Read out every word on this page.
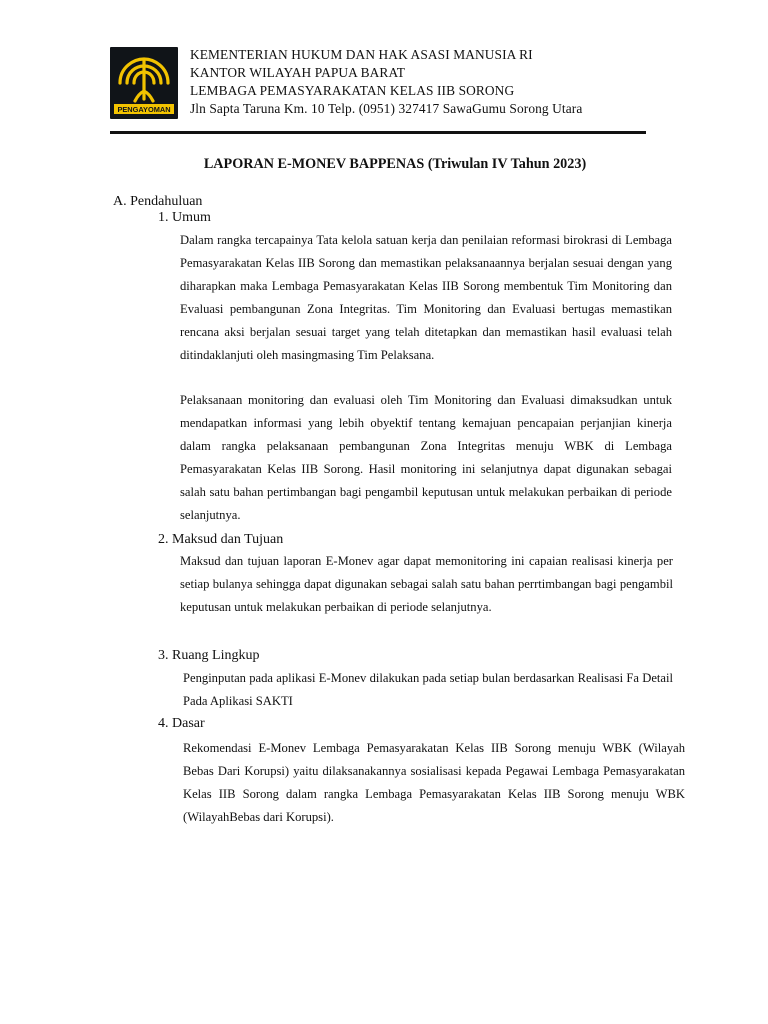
PENGAYOMAN
KEMENTERIAN HUKUM DAN HAK ASASI MANUSIA RI
KANTOR WILAYAH PAPUA BARAT
LEMBAGA PEMASYARAKATAN KELAS IIB SORONG
Jln Sapta Taruna Km. 10 Telp. (0951) 327417 SawaGumu Sorong Utara
LAPORAN E-MONEV BAPPENAS (Triwulan IV Tahun 2023)
A. Pendahuluan
1. Umum
Dalam rangka tercapainya Tata kelola satuan kerja dan penilaian reformasi birokrasi di Lembaga Pemasyarakatan Kelas IIB Sorong dan memastikan pelaksanaannya berjalan sesuai dengan yang diharapkan maka Lembaga Pemasyarakatan Kelas IIB Sorong membentuk Tim Monitoring dan Evaluasi pembangunan Zona Integritas. Tim Monitoring dan Evaluasi bertugas memastikan rencana aksi berjalan sesuai target yang telah ditetapkan dan memastikan hasil evaluasi telah ditindaklanjuti oleh masingmasing Tim Pelaksana.
Pelaksanaan monitoring dan evaluasi oleh Tim Monitoring dan Evaluasi dimaksudkan untuk mendapatkan informasi yang lebih obyektif tentang kemajuan pencapaian perjanjian kinerja dalam rangka pelaksanaan pembangunan Zona Integritas menuju WBK di Lembaga Pemasyarakatan Kelas IIB Sorong. Hasil monitoring ini selanjutnya dapat digunakan sebagai salah satu bahan pertimbangan bagi pengambil keputusan untuk melakukan perbaikan di periode selanjutnya.
2. Maksud dan Tujuan
Maksud dan tujuan laporan E-Monev agar dapat memonitoring ini capaian realisasi kinerja per setiap bulanya sehingga dapat digunakan sebagai salah satu bahan perrtimbangan bagi pengambil keputusan untuk melakukan perbaikan di periode selanjutnya.
3. Ruang Lingkup
Penginputan pada aplikasi E-Monev dilakukan pada setiap bulan berdasarkan Realisasi Fa Detail Pada Aplikasi SAKTI
4. Dasar
Rekomendasi E-Monev Lembaga Pemasyarakatan Kelas IIB Sorong menuju WBK (Wilayah Bebas Dari Korupsi) yaitu dilaksanakannya sosialisasi kepada Pegawai Lembaga Pemasyarakatan Kelas IIB Sorong dalam rangka Lembaga Pemasyarakatan Kelas IIB Sorong menuju WBK (WilayahBebas dari Korupsi).
